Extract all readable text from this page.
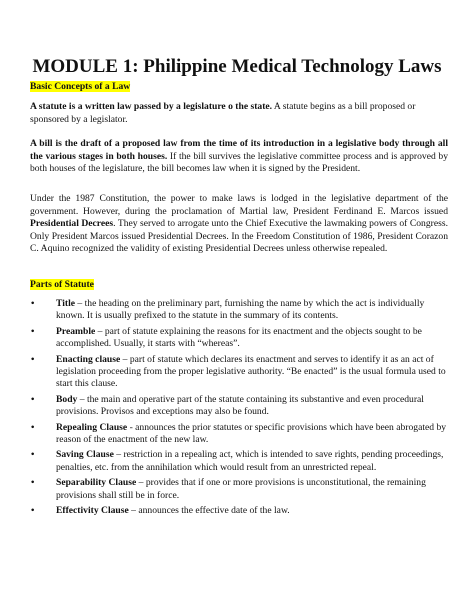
MODULE 1: Philippine Medical Technology Laws
Basic Concepts of a Law

A statute is a written law passed by a legislature o the state. A statute begins as a bill proposed or sponsored by a legislator.

A bill is the draft of a proposed law from the time of its introduction in a legislative body through all the various stages in both houses. If the bill survives the legislative committee process and is approved by both houses of the legislature, the bill becomes law when it is signed by the President.

Under the 1987 Constitution, the power to make laws is lodged in the legislative department of the government. However, during the proclamation of Martial law, President Ferdinand E. Marcos issued Presidential Decrees. They served to arrogate unto the Chief Executive the lawmaking powers of Congress. Only President Marcos issued Presidential Decrees. In the Freedom Constitution of 1986, President Corazon C. Aquino recognized the validity of existing Presidential Decrees unless otherwise repealed.

Parts of Statute
• Title – the heading on the preliminary part, furnishing the name by which the act is individually known. It is usually prefixed to the statute in the summary of its contents.
• Preamble – part of statute explaining the reasons for its enactment and the objects sought to be accomplished. Usually, it starts with “whereas”.
• Enacting clause – part of statute which declares its enactment and serves to identify it as an act of legislation proceeding from the proper legislative authority. “Be enacted” is the usual formula used to start this clause.
• Body – the main and operative part of the statute containing its substantive and even procedural provisions. Provisos and exceptions may also be found.
• Repealing Clause - announces the prior statutes or specific provisions which have been abrogated by reason of the enactment of the new law.
• Saving Clause – restriction in a repealing act, which is intended to save rights, pending proceedings, penalties, etc. from the annihilation which would result from an unrestricted repeal.
• Separability Clause – provides that if one or more provisions is unconstitutional, the remaining provisions shall still be in force.
• Effectivity Clause – announces the effective date of the law.
